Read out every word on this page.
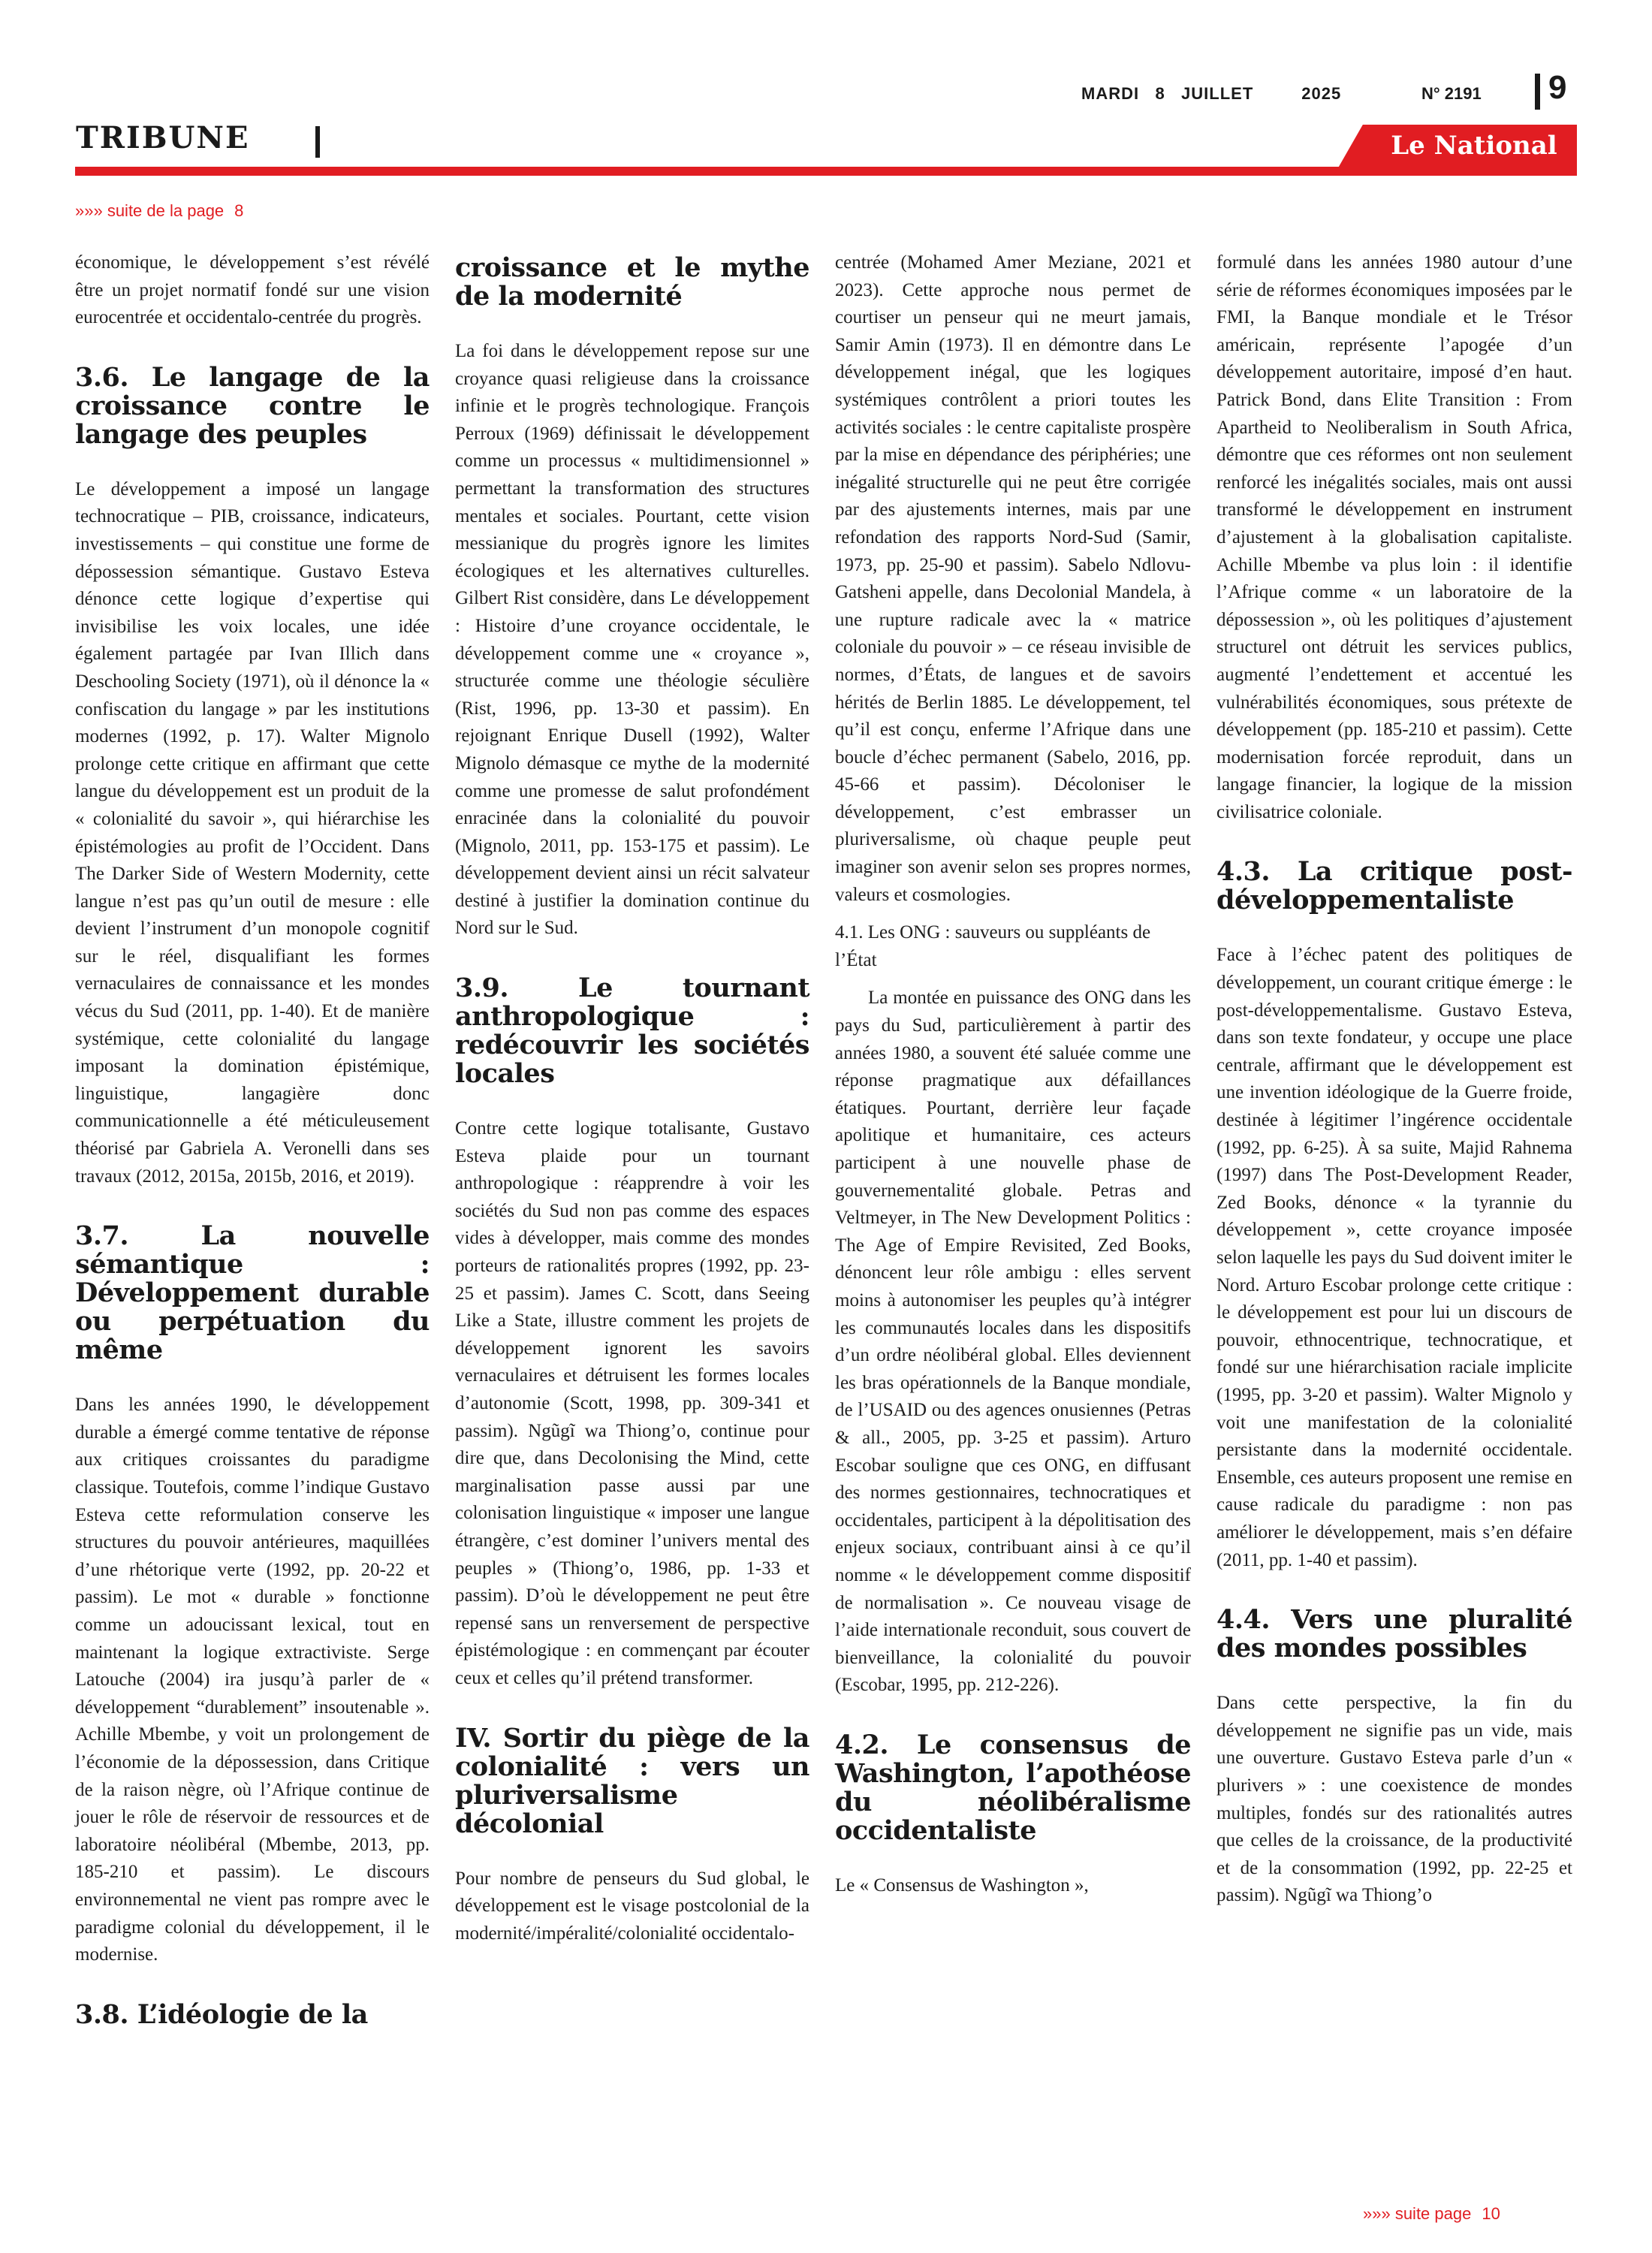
MARDI 8 JUILLET	2025	N° 2191 9
TRIBUNE	Le National
»»» suite de la page 8

économique, le développement s’est révélé être un projet normatif fondé sur une vision eurocentrée et occidentalo-centrée du progrès.

3.6. Le langage de la croissance contre le langage des peuples

Le développement a imposé un langage technocratique – PIB, croissance, indicateurs, investissements – qui constitue une forme de dépossession sémantique. Gustavo Esteva dénonce cette logique d’expertise qui invisibilise les voix locales, une idée également partagée par Ivan Illich dans Deschooling Society (1971), où il dénonce la « confiscation du langage » par les institutions modernes (1992, p. 17). Walter Mignolo prolonge cette critique en affirmant que cette langue du développement est un produit de la « colonialité du savoir », qui hiérarchise les épistémologies au profit de l’Occident. Dans The Darker Side of Western Modernity, cette langue n’est pas qu’un outil de mesure : elle devient l’instrument d’un monopole cognitif sur le réel, disqualifiant les formes vernaculaires de connaissance et les mondes vécus du Sud (2011, pp. 1-40). Et de manière systémique, cette colonialité du langage imposant la domination épistémique, linguistique, langagière donc communicationnelle a été méticuleusement théorisé par Gabriela A. Veronelli dans ses travaux (2012, 2015a, 2015b, 2016, et 2019).

3.7. La nouvelle sémantique : Développement durable ou perpétuation du même

Dans les années 1990, le développement durable a émergé comme tentative de réponse aux critiques croissantes du paradigme classique. Toutefois, comme l’indique Gustavo Esteva cette reformulation conserve les structures du pouvoir antérieures, maquillées d’une rhétorique verte (1992, pp. 20-22 et passim). Le mot « durable » fonctionne comme un adoucissant lexical, tout en maintenant la logique extractiviste. Serge Latouche (2004) ira jusqu’à parler de « développement “durablement” insoutenable ». Achille Mbembe, y voit un prolongement de l’économie de la dépossession, dans Critique de la raison nègre, où l’Afrique continue de jouer le rôle de réservoir de ressources et de laboratoire néolibéral (Mbembe, 2013, pp. 185-210 et passim). Le discours environnemental ne vient pas rompre avec le paradigme colonial du développement, il le modernise.

3.8. L’idéologie de la
croissance et le mythe de la modernité

La foi dans le développement repose sur une croyance quasi religieuse dans la croissance infinie et le progrès technologique. François Perroux (1969) définissait le développement comme un processus « multidimensionnel » permettant la transformation des structures mentales et sociales. Pourtant, cette vision messianique du progrès ignore les limites écologiques et les alternatives culturelles. Gilbert Rist considère, dans Le développement : Histoire d’une croyance occidentale, le développement comme une « croyance », structurée comme une théologie séculière (Rist, 1996, pp. 13-30 et passim). En rejoignant Enrique Dusell (1992), Walter Mignolo démasque ce mythe de la modernité comme une promesse de salut profondément enracinée dans la colonialité du pouvoir (Mignolo, 2011, pp. 153-175 et passim). Le développement devient ainsi un récit salvateur destiné à justifier la domination continue du Nord sur le Sud.

3.9. Le tournant anthropologique : redécouvrir les sociétés locales

Contre cette logique totalisante, Gustavo Esteva plaide pour un tournant anthropologique : réapprendre à voir les sociétés du Sud non pas comme des espaces vides à développer, mais comme des mondes porteurs de rationalités propres (1992, pp. 23-25 et passim). James C. Scott, dans Seeing Like a State, illustre comment les projets de développement ignorent les savoirs vernaculaires et détruisent les formes locales d’autonomie (Scott, 1998, pp. 309-341 et passim). Ngũgĩ wa Thiong’o, continue pour dire que, dans Decolonising the Mind, cette marginalisation passe aussi par une colonisation linguistique « imposer une langue étrangère, c’est dominer l’univers mental des peuples » (Thiong’o, 1986, pp. 1-33 et passim). D’où le développement ne peut être repensé sans un renversement de perspective épistémologique : en commençant par écouter ceux et celles qu’il prétend transformer.

IV. Sortir du piège de la colonialité : vers un pluriversalisme décolonial

Pour nombre de penseurs du Sud global, le développement est le visage postcolonial de la modernité/impéralité/colonialité occidentalo-

centrée (Mohamed Amer Meziane, 2021 et 2023). Cette approche nous permet de courtiser un penseur qui ne meurt jamais, Samir Amin (1973). Il en démontre dans Le développement inégal, que les logiques systémiques contrôlent a priori toutes les activités sociales : le centre capitaliste prospère par la mise en dépendance des périphéries; une inégalité structurelle qui ne peut être corrigée par des ajustements internes, mais par une refondation des rapports Nord-Sud (Samir, 1973, pp. 25-90 et passim). Sabelo Ndlovu-Gatsheni appelle, dans Decolonial Mandela, à une rupture radicale avec la « matrice coloniale du pouvoir » – ce réseau invisible de normes, d’États, de langues et de savoirs hérités de Berlin 1885. Le développement, tel qu’il est conçu, enferme l’Afrique dans une boucle d’échec permanent (Sabelo, 2016, pp. 45-66 et passim). Décoloniser le développement, c’est embrasser un pluriversalisme, où chaque peuple peut imaginer son avenir selon ses propres normes, valeurs et cosmologies.

4.1. Les ONG : sauveurs ou suppléants de l’État

La montée en puissance des ONG dans les pays du Sud, particulièrement à partir des années 1980, a souvent été saluée comme une réponse pragmatique aux défaillances étatiques. Pourtant, derrière leur façade apolitique et humanitaire, ces acteurs participent à une nouvelle phase de gouvernementalité globale. Petras and Veltmeyer, in The New Development Politics : The Age of Empire Revisited, Zed Books, dénoncent leur rôle ambigu : elles servent moins à autonomiser les peuples qu’à intégrer les communautés locales dans les dispositifs d’un ordre néolibéral global. Elles deviennent les bras opérationnels de la Banque mondiale, de l’USAID ou des agences onusiennes (Petras & all., 2005, pp. 3-25 et passim). Arturo Escobar souligne que ces ONG, en diffusant des normes gestionnaires, technocratiques et occidentales, participent à la dépolitisation des enjeux sociaux, contribuant ainsi à ce qu’il nomme « le développement comme dispositif de normalisation ». Ce nouveau visage de l’aide internationale reconduit, sous couvert de bienveillance, la colonialité du pouvoir (Escobar, 1995, pp. 212-226).

4.2. Le consensus de Washington, l’apothéose du néolibéralisme occidentaliste

Le « Consensus de Washington »,

formulé dans les années 1980 autour d’une série de réformes économiques imposées par le FMI, la Banque mondiale et le Trésor américain, représente l’apogée d’un développement autoritaire, imposé d’en haut. Patrick Bond, dans Elite Transition : From Apartheid to Neoliberalism in South Africa, démontre que ces réformes ont non seulement renforcé les inégalités sociales, mais ont aussi transformé le développement en instrument d’ajustement à la globalisation capitaliste. Achille Mbembe va plus loin : il identifie l’Afrique comme « un laboratoire de la dépossession », où les politiques d’ajustement structurel ont détruit les services publics, augmenté l’endettement et accentué les vulnérabilités économiques, sous prétexte de développement (pp. 185-210 et passim). Cette modernisation forcée reproduit, dans un langage financier, la logique de la mission civilisatrice coloniale.

4.3. La critique post-développementaliste

Face à l’échec patent des politiques de développement, un courant critique émerge : le post-développementalisme. Gustavo Esteva, dans son texte fondateur, y occupe une place centrale, affirmant que le développement est une invention idéologique de la Guerre froide, destinée à légitimer l’ingérence occidentale (1992, pp. 6-25). À sa suite, Majid Rahnema (1997) dans The Post-Development Reader, Zed Books, dénonce « la tyrannie du développement », cette croyance imposée selon laquelle les pays du Sud doivent imiter le Nord. Arturo Escobar prolonge cette critique : le développement est pour lui un discours de pouvoir, ethnocentrique, technocratique, et fondé sur une hiérarchisation raciale implicite (1995, pp. 3-20 et passim). Walter Mignolo y voit une manifestation de la colonialité persistante dans la modernité occidentale. Ensemble, ces auteurs proposent une remise en cause radicale du paradigme : non pas améliorer le développement, mais s’en défaire (2011, pp. 1-40 et passim).

4.4. Vers une pluralité des mondes possibles

Dans cette perspective, la fin du développement ne signifie pas un vide, mais une ouverture. Gustavo Esteva parle d’un « plurivers » : une coexistence de mondes multiples, fondés sur des rationalités autres que celles de la croissance, de la productivité et de la consommation (1992, pp. 22-25 et passim). Ngũgĩ wa Thiong’o

»»» suite page 10
